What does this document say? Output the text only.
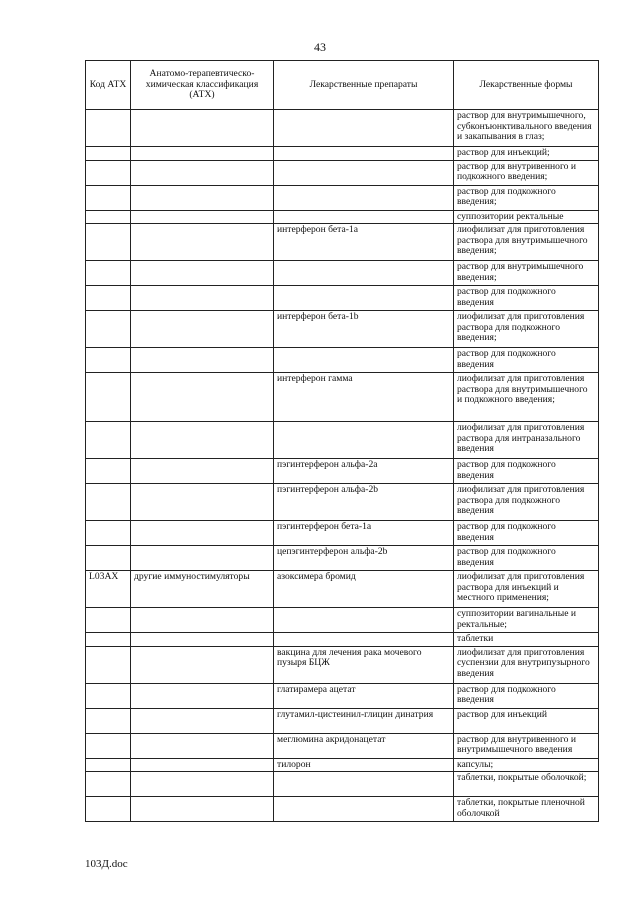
43
Код АТХ	Анатомо-терапевтическо-химическая классификация (АТХ)	Лекарственные препараты	Лекарственные формы
			раствор для внутримышечного, субконъюнктивального введения и закапывания в глаз;
			раствор для инъекций;
			раствор для внутривенного и подкожного введения;
			раствор для подкожного введения;
			суппозитории ректальные
		интерферон бета-1a	лиофилизат для приготовления раствора для внутримышечного введения;
			раствор для внутримышечного введения;
			раствор для подкожного введения
		интерферон бета-1b	лиофилизат для приготовления раствора для подкожного введения;
			раствор для подкожного введения
		интерферон гамма	лиофилизат для приготовления раствора для внутримышечного и подкожного введения;
			лиофилизат для приготовления раствора для интраназального введения
		пэгинтерферон альфа-2a	раствор для подкожного введения
		пэгинтерферон альфа-2b	лиофилизат для приготовления раствора для подкожного введения
		пэгинтерферон бета-1a	раствор для подкожного введения
		цепэгинтерферон альфа-2b	раствор для подкожного введения
L03AX	другие иммуностимуляторы	азоксимера бромид	лиофилизат для приготовления раствора для инъекций и местного применения;
			суппозитории вагинальные и ректальные;
			таблетки
		вакцина для лечения рака мочевого пузыря БЦЖ	лиофилизат для приготовления суспензии для внутрипузырного введения
		глатирамера ацетат	раствор для подкожного введения
		глутамил-цистеинил-глицин динатрия	раствор для инъекций
		меглюмина акридонацетат	раствор для внутривенного и внутримышечного введения
		тилорон	капсулы;
			таблетки, покрытые оболочкой;
			таблетки, покрытые пленочной оболочкой
103Д.doc
